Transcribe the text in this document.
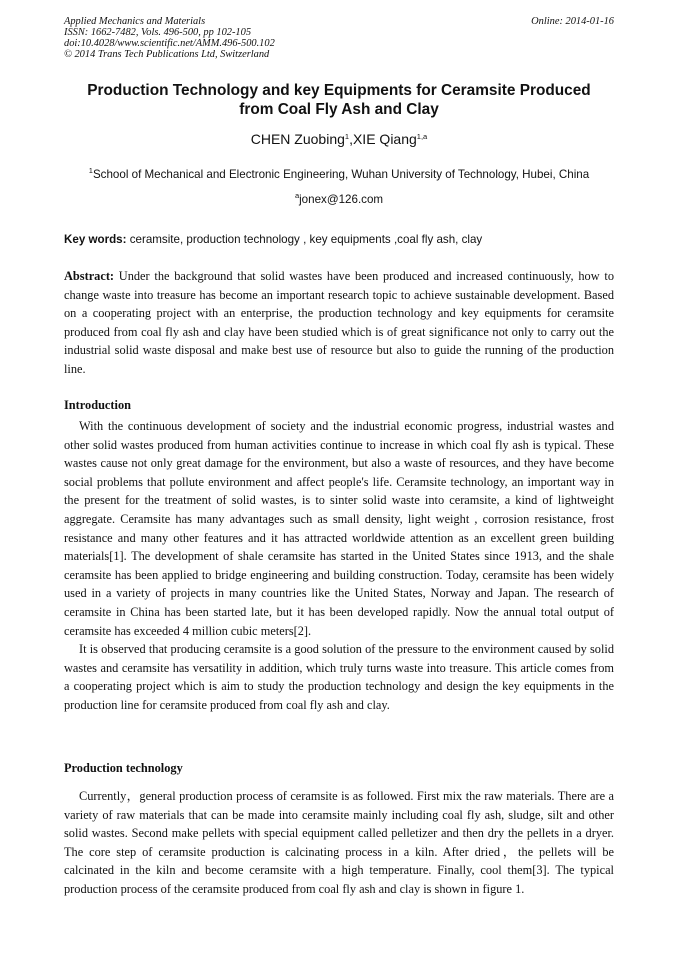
Applied Mechanics and Materials
ISSN: 1662-7482, Vols. 496-500, pp 102-105
doi:10.4028/www.scientific.net/AMM.496-500.102
© 2014 Trans Tech Publications Ltd, Switzerland
Online: 2014-01-16
Production Technology and key Equipments for Ceramsite Produced from Coal Fly Ash and Clay
CHEN Zuobing$^1$,XIE Qiang$^{1,a}$
$^1$School of Mechanical and Electronic Engineering, Wuhan University of Technology, Hubei, China
$^a$jonex@126.com
Key words: ceramsite, production technology , key equipments ,coal fly ash, clay

Abstract: Under the background that solid wastes have been produced and increased continuously, how to change waste into treasure has become an important research topic to achieve sustainable development. Based on a cooperating project with an enterprise, the production technology and key equipments for ceramsite produced from coal fly ash and clay have been studied which is of great significance not only to carry out the industrial solid waste disposal and make best use of resource but also to guide the running of the production line.

Introduction

With the continuous development of society and the industrial economic progress, industrial wastes and other solid wastes produced from human activities continue to increase in which coal fly ash is typical. These wastes cause not only great damage for the environment, but also a waste of resources, and they have become social problems that pollute environment and affect people's life. Ceramsite technology, an important way in the present for the treatment of solid wastes, is to sinter solid waste into ceramsite, a kind of lightweight aggregate. Ceramsite has many advantages such as small density, light weight , corrosion resistance, frost resistance and many other features and it has attracted worldwide attention as an excellent green building materials[1]. The development of shale ceramsite has started in the United States since 1913, and the shale ceramsite has been applied to bridge engineering and building construction. Today, ceramsite has been widely used in a variety of projects in many countries like the United States, Norway and Japan. The research of ceramsite in China has been started late, but it has been developed rapidly. Now the annual total output of ceramsite has exceeded 4 million cubic meters[2].

It is observed that producing ceramsite is a good solution of the pressure to the environment caused by solid wastes and ceramsite has versatility in addition, which truly turns waste into treasure. This article comes from a cooperating project which is aim to study the production technology and design the key equipments in the production line for ceramsite produced from coal fly ash and clay.

Production technology

Currently，general production process of ceramsite is as followed. First mix the raw materials. There are a variety of raw materials that can be made into ceramsite mainly including coal fly ash, sludge, silt and other solid wastes. Second make pellets with special equipment called pelletizer and then dry the pellets in a dryer. The core step of ceramsite production is calcinating process in a kiln. After dried，the pellets will be calcinated in the kiln and become ceramsite with a high temperature. Finally, cool them[3]. The typical production process of the ceramsite produced from coal fly ash and clay is shown in figure 1.
